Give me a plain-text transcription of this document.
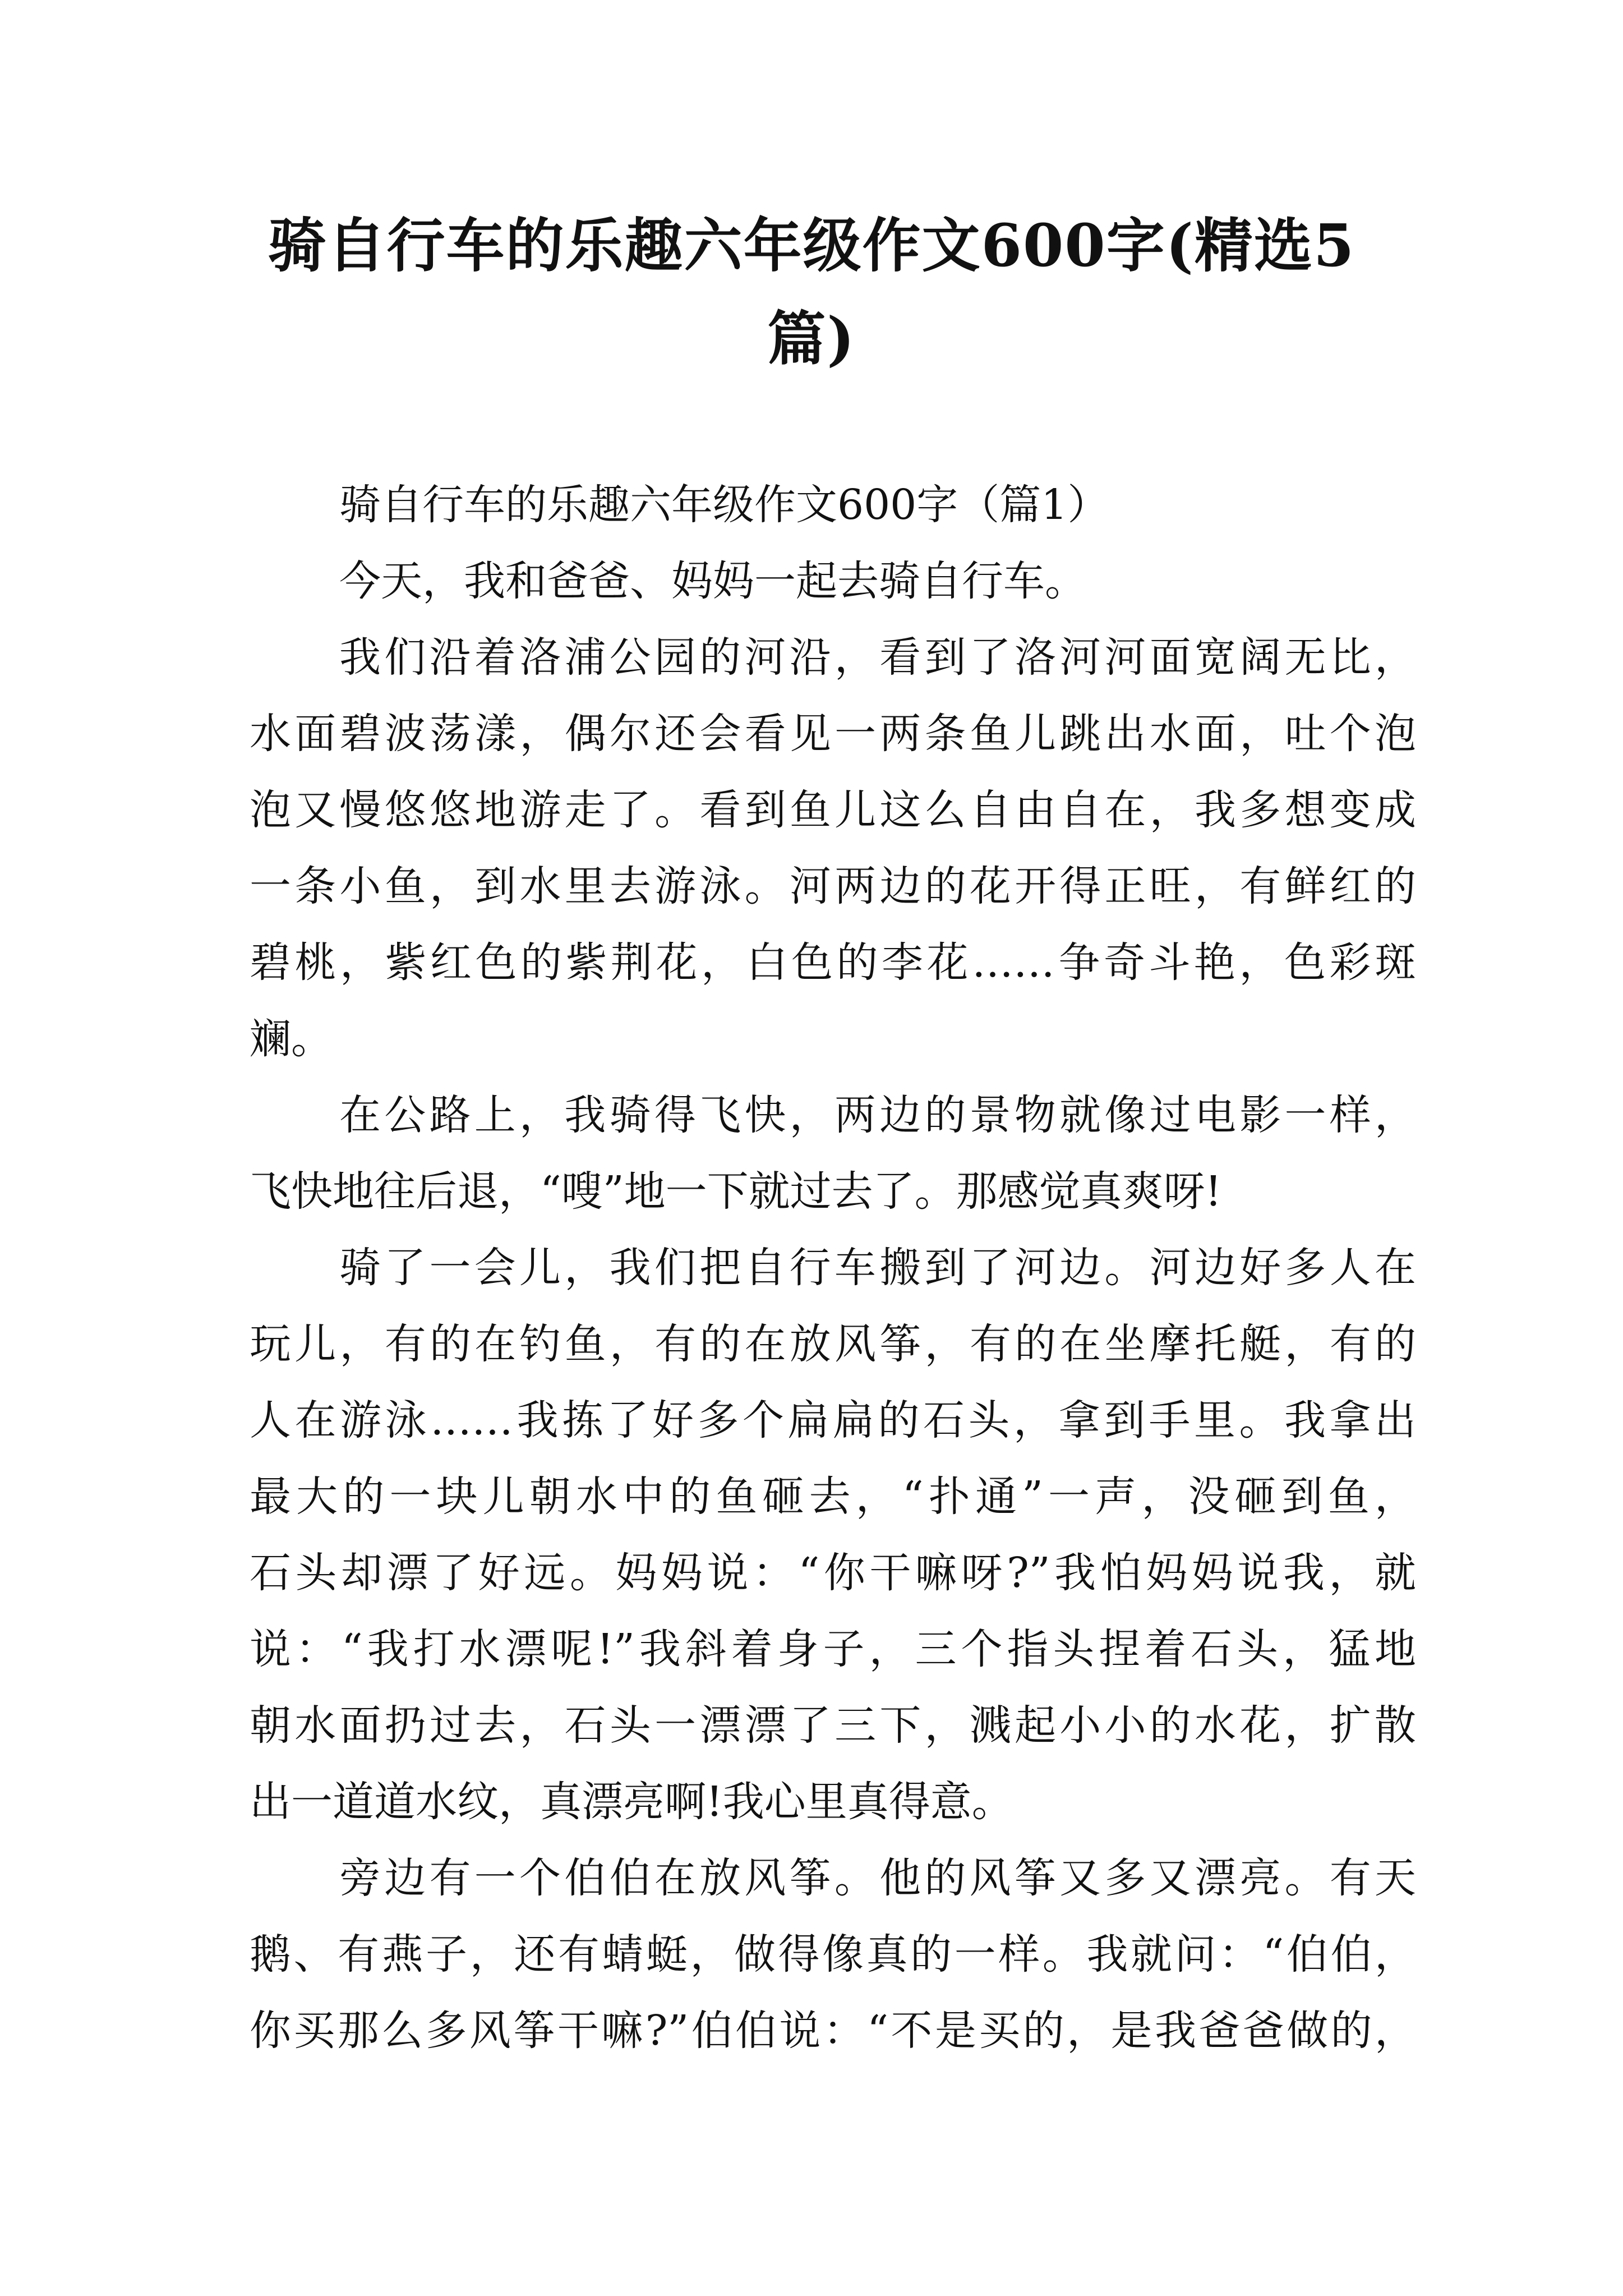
骑自行车的乐趣六年级作文600字(精选5
篇)
骑自行车的乐趣六年级作文600字（篇1）
今天，我和爸爸、妈妈一起去骑自行车。
我们沿着洛浦公园的河沿，看到了洛河河面宽阔无比，
水面碧波荡漾，偶尔还会看见一两条鱼儿跳出水面，吐个泡
泡又慢悠悠地游走了。看到鱼儿这么自由自在，我多想变成
一条小鱼，到水里去游泳。河两边的花开得正旺，有鲜红的
碧桃，紫红色的紫荆花，白色的李花……争奇斗艳，色彩斑
斓。
在公路上，我骑得飞快，两边的景物就像过电影一样，
飞快地往后退，“嗖”地一下就过去了。那感觉真爽呀!
骑了一会儿，我们把自行车搬到了河边。河边好多人在
玩儿，有的在钓鱼，有的在放风筝，有的在坐摩托艇，有的
人在游泳……我拣了好多个扁扁的石头，拿到手里。我拿出
最大的一块儿朝水中的鱼砸去，“扑通”一声，没砸到鱼，
石头却漂了好远。妈妈说：“你干嘛呀?”我怕妈妈说我，就
说：“我打水漂呢!”我斜着身子，三个指头捏着石头，猛地
朝水面扔过去，石头一漂漂了三下，溅起小小的水花，扩散
出一道道水纹，真漂亮啊!我心里真得意。
旁边有一个伯伯在放风筝。他的风筝又多又漂亮。有天
鹅、有燕子，还有蜻蜓，做得像真的一样。我就问：“伯伯，
你买那么多风筝干嘛?”伯伯说：“不是买的，是我爸爸做的，
